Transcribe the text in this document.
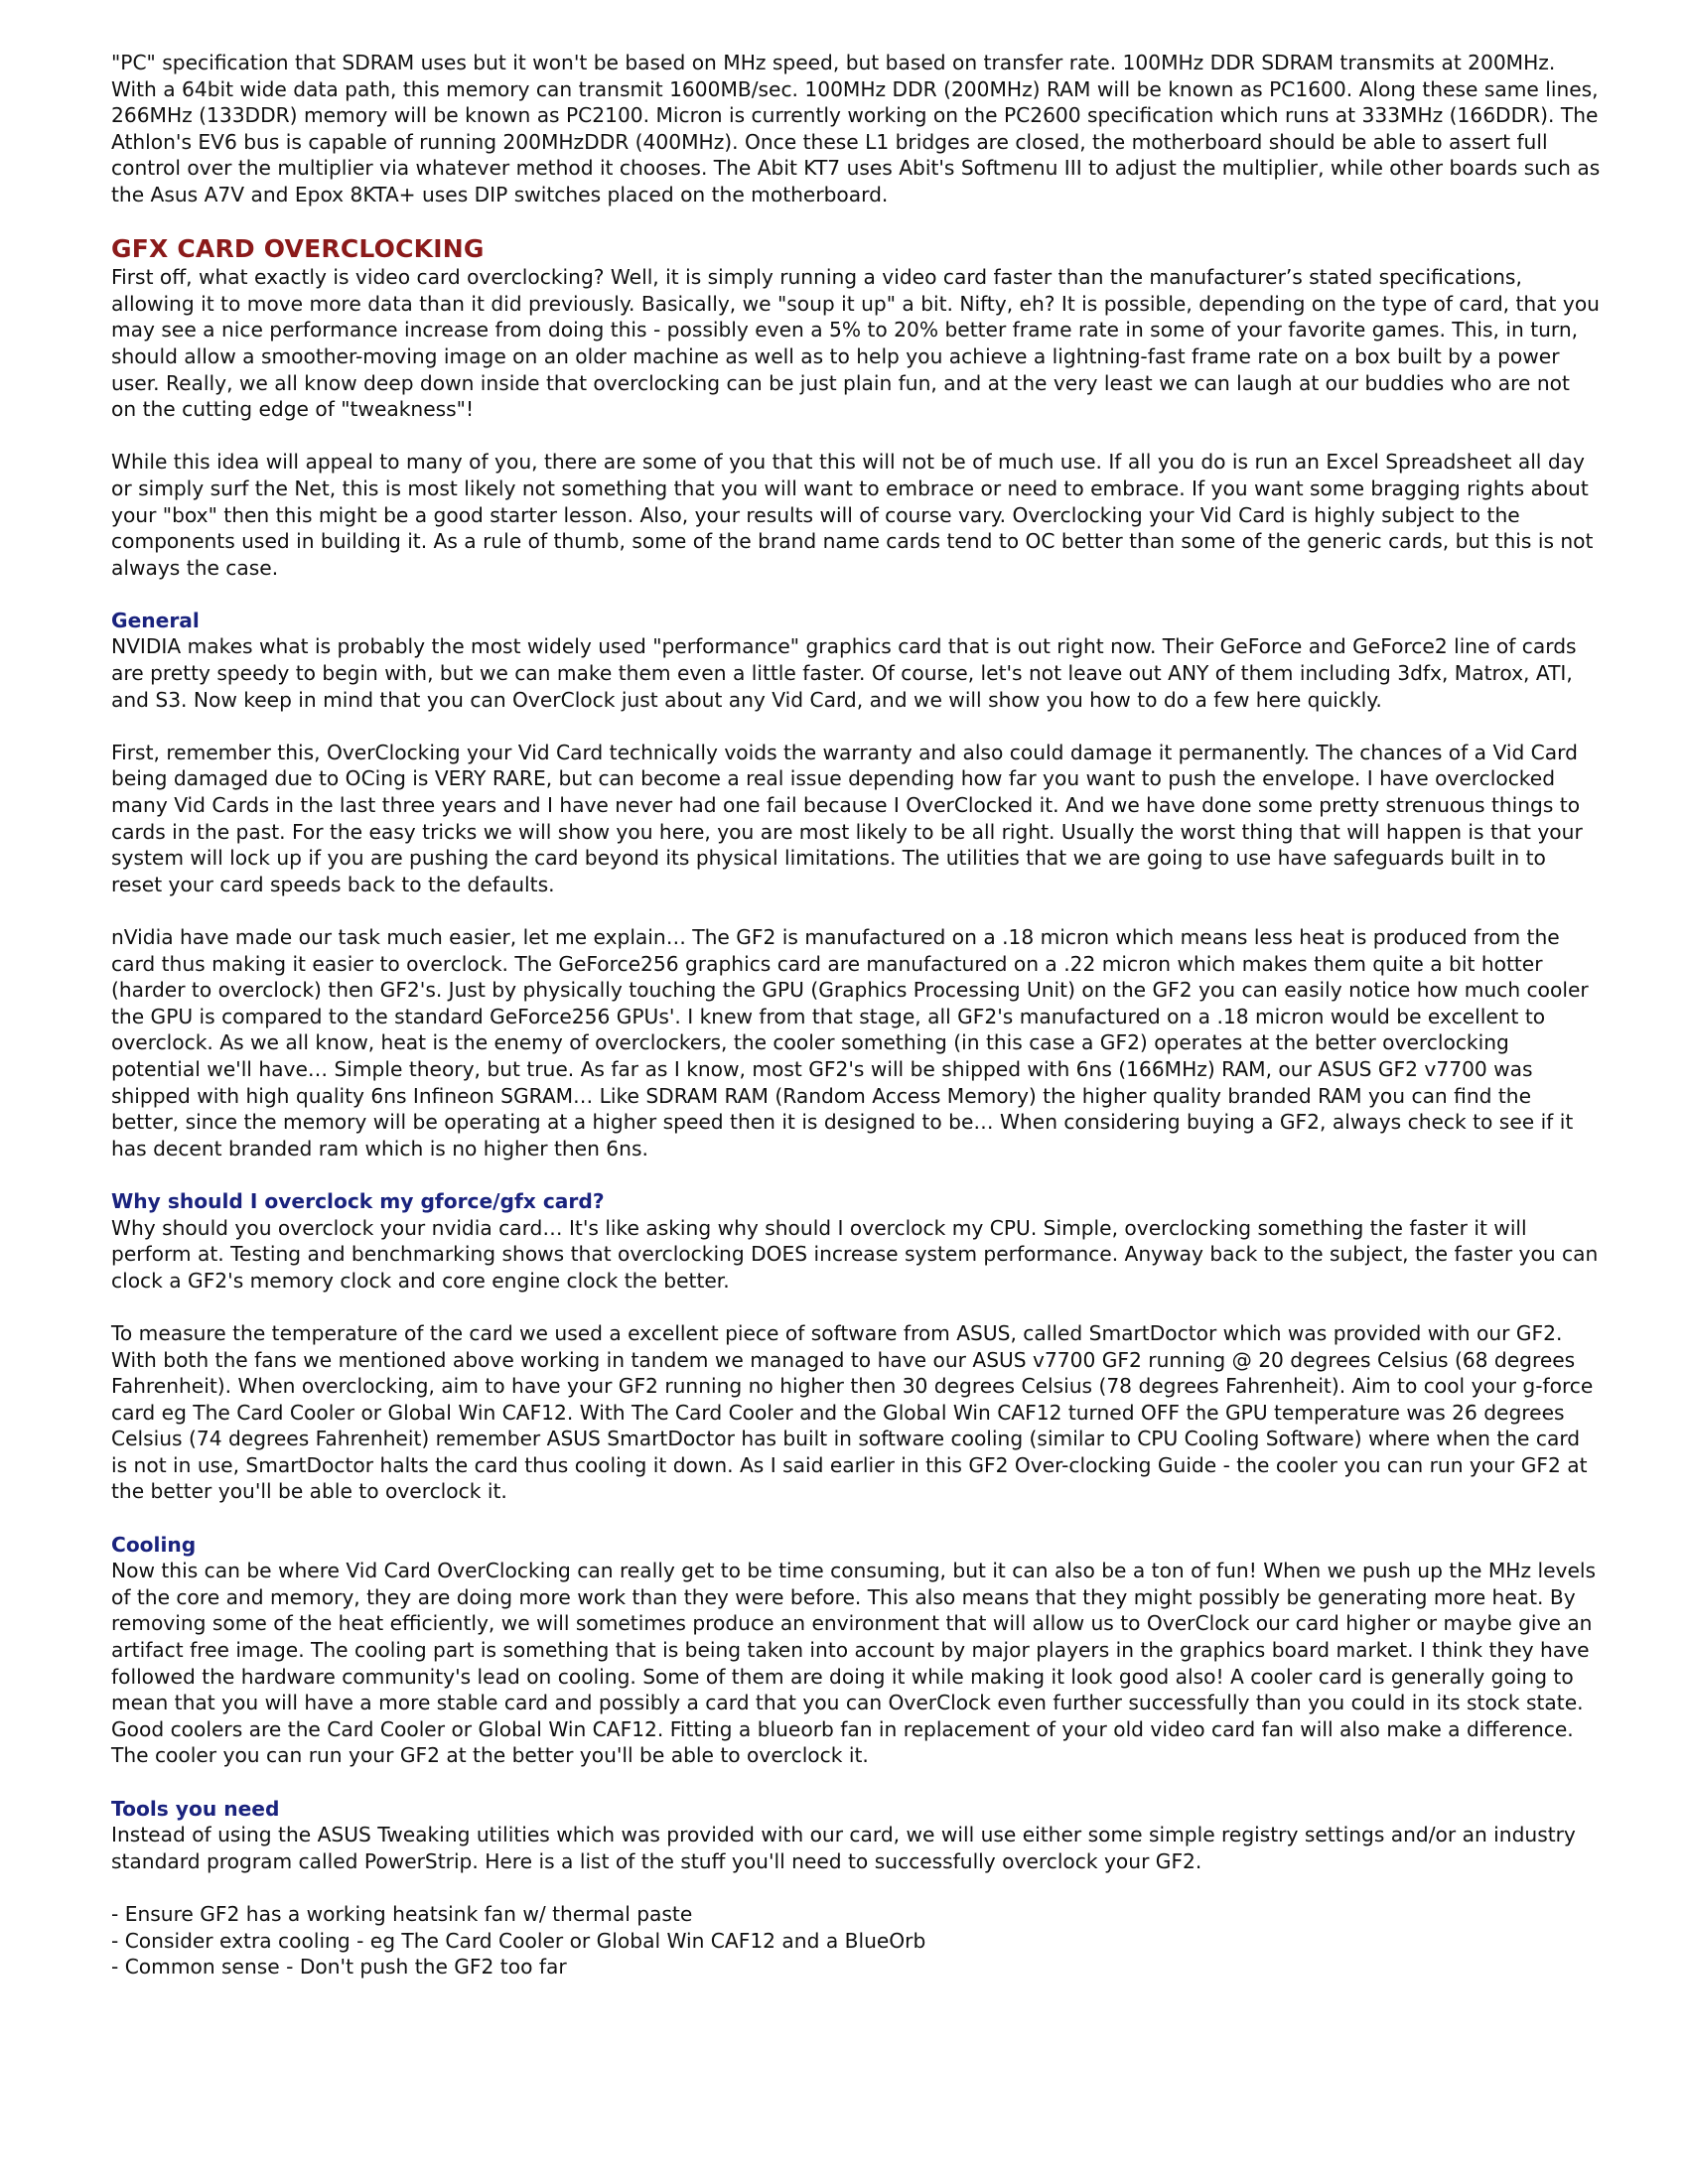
"PC" specification that SDRAM uses but it won't be based on MHz speed, but based on transfer rate. 100MHz DDR SDRAM transmits at 200MHz. With a 64bit wide data path, this memory can transmit 1600MB/sec. 100MHz DDR (200MHz) RAM will be known as PC1600. Along these same lines, 266MHz (133DDR) memory will be known as PC2100. Micron is currently working on the PC2600 specification which runs at 333MHz (166DDR). The Athlon's EV6 bus is capable of running 200MHzDDR (400MHz). Once these L1 bridges are closed, the motherboard should be able to assert full control over the multiplier via whatever method it chooses. The Abit KT7 uses Abit's Softmenu III to adjust the multiplier, while other boards such as the Asus A7V and Epox 8KTA+ uses DIP switches placed on the motherboard.

GFX CARD OVERCLOCKING

First off, what exactly is video card overclocking? Well, it is simply running a video card faster than the manufacturer’s stated specifications, allowing it to move more data than it did previously. Basically, we "soup it up" a bit. Nifty, eh? It is possible, depending on the type of card, that you may see a nice performance increase from doing this - possibly even a 5% to 20% better frame rate in some of your favorite games. This, in turn, should allow a smoother-moving image on an older machine as well as to help you achieve a lightning-fast frame rate on a box built by a power user. Really, we all know deep down inside that overclocking can be just plain fun, and at the very least we can laugh at our buddies who are not on the cutting edge of "tweakness"!

While this idea will appeal to many of you, there are some of you that this will not be of much use. If all you do is run an Excel Spreadsheet all day or simply surf the Net, this is most likely not something that you will want to embrace or need to embrace. If you want some bragging rights about your "box" then this might be a good starter lesson. Also, your results will of course vary. Overclocking your Vid Card is highly subject to the components used in building it. As a rule of thumb, some of the brand name cards tend to OC better than some of the generic cards, but this is not always the case.

General

NVIDIA makes what is probably the most widely used "performance" graphics card that is out right now. Their GeForce and GeForce2 line of cards are pretty speedy to begin with, but we can make them even a little faster. Of course, let's not leave out ANY of them including 3dfx, Matrox, ATI, and S3. Now keep in mind that you can OverClock just about any Vid Card, and we will show you how to do a few here quickly.

First, remember this, OverClocking your Vid Card technically voids the warranty and also could damage it permanently. The chances of a Vid Card being damaged due to OCing is VERY RARE, but can become a real issue depending how far you want to push the envelope. I have overclocked many Vid Cards in the last three years and I have never had one fail because I OverClocked it. And we have done some pretty strenuous things to cards in the past. For the easy tricks we will show you here, you are most likely to be all right. Usually the worst thing that will happen is that your system will lock up if you are pushing the card beyond its physical limitations. The utilities that we are going to use have safeguards built in to reset your card speeds back to the defaults.

nVidia have made our task much easier, let me explain… The GF2 is manufactured on a .18 micron which means less heat is produced from the card thus making it easier to overclock. The GeForce256 graphics card are manufactured on a .22 micron which makes them quite a bit hotter (harder to overclock) then GF2's. Just by physically touching the GPU (Graphics Processing Unit) on the GF2 you can easily notice how much cooler the GPU is compared to the standard GeForce256 GPUs'. I knew from that stage, all GF2's manufactured on a .18 micron would be excellent to overclock. As we all know, heat is the enemy of overclockers, the cooler something (in this case a GF2) operates at the better overclocking potential we'll have… Simple theory, but true. As far as I know, most GF2's will be shipped with 6ns (166MHz) RAM, our ASUS GF2 v7700 was shipped with high quality 6ns Infineon SGRAM… Like SDRAM RAM (Random Access Memory) the higher quality branded RAM you can find the better, since the memory will be operating at a higher speed then it is designed to be… When considering buying a GF2, always check to see if it has decent branded ram which is no higher then 6ns.

Why should I overclock my gforce/gfx card?

Why should you overclock your nvidia card… It's like asking why should I overclock my CPU. Simple, overclocking something the faster it will perform at. Testing and benchmarking shows that overclocking DOES increase system performance. Anyway back to the subject, the faster you can clock a GF2's memory clock and core engine clock the better.

To measure the temperature of the card we used a excellent piece of software from ASUS, called SmartDoctor which was provided with our GF2. With both the fans we mentioned above working in tandem we managed to have our ASUS v7700 GF2 running @ 20 degrees Celsius (68 degrees Fahrenheit). When overclocking, aim to have your GF2 running no higher then 30 degrees Celsius (78 degrees Fahrenheit). Aim to cool your g-force card eg The Card Cooler or Global Win CAF12. With The Card Cooler and the Global Win CAF12 turned OFF the GPU temperature was 26 degrees Celsius (74 degrees Fahrenheit) remember ASUS SmartDoctor has built in software cooling (similar to CPU Cooling Software) where when the card is not in use, SmartDoctor halts the card thus cooling it down. As I said earlier in this GF2 Over-clocking Guide - the cooler you can run your GF2 at the better you'll be able to overclock it.

Cooling

Now this can be where Vid Card OverClocking can really get to be time consuming, but it can also be a ton of fun! When we push up the MHz levels of the core and memory, they are doing more work than they were before. This also means that they might possibly be generating more heat. By removing some of the heat efficiently, we will sometimes produce an environment that will allow us to OverClock our card higher or maybe give an artifact free image. The cooling part is something that is being taken into account by major players in the graphics board market. I think they have followed the hardware community's lead on cooling. Some of them are doing it while making it look good also! A cooler card is generally going to mean that you will have a more stable card and possibly a card that you can OverClock even further successfully than you could in its stock state. Good coolers are the Card Cooler or Global Win CAF12. Fitting a blueorb fan in replacement of your old video card fan will also make a difference. The cooler you can run your GF2 at the better you'll be able to overclock it.

Tools you need

Instead of using the ASUS Tweaking utilities which was provided with our card, we will use either some simple registry settings and/or an industry standard program called PowerStrip. Here is a list of the stuff you'll need to successfully overclock your GF2.

- Ensure GF2 has a working heatsink fan w/ thermal paste
- Consider extra cooling - eg The Card Cooler or Global Win CAF12 and a BlueOrb
- Common sense - Don't push the GF2 too far
